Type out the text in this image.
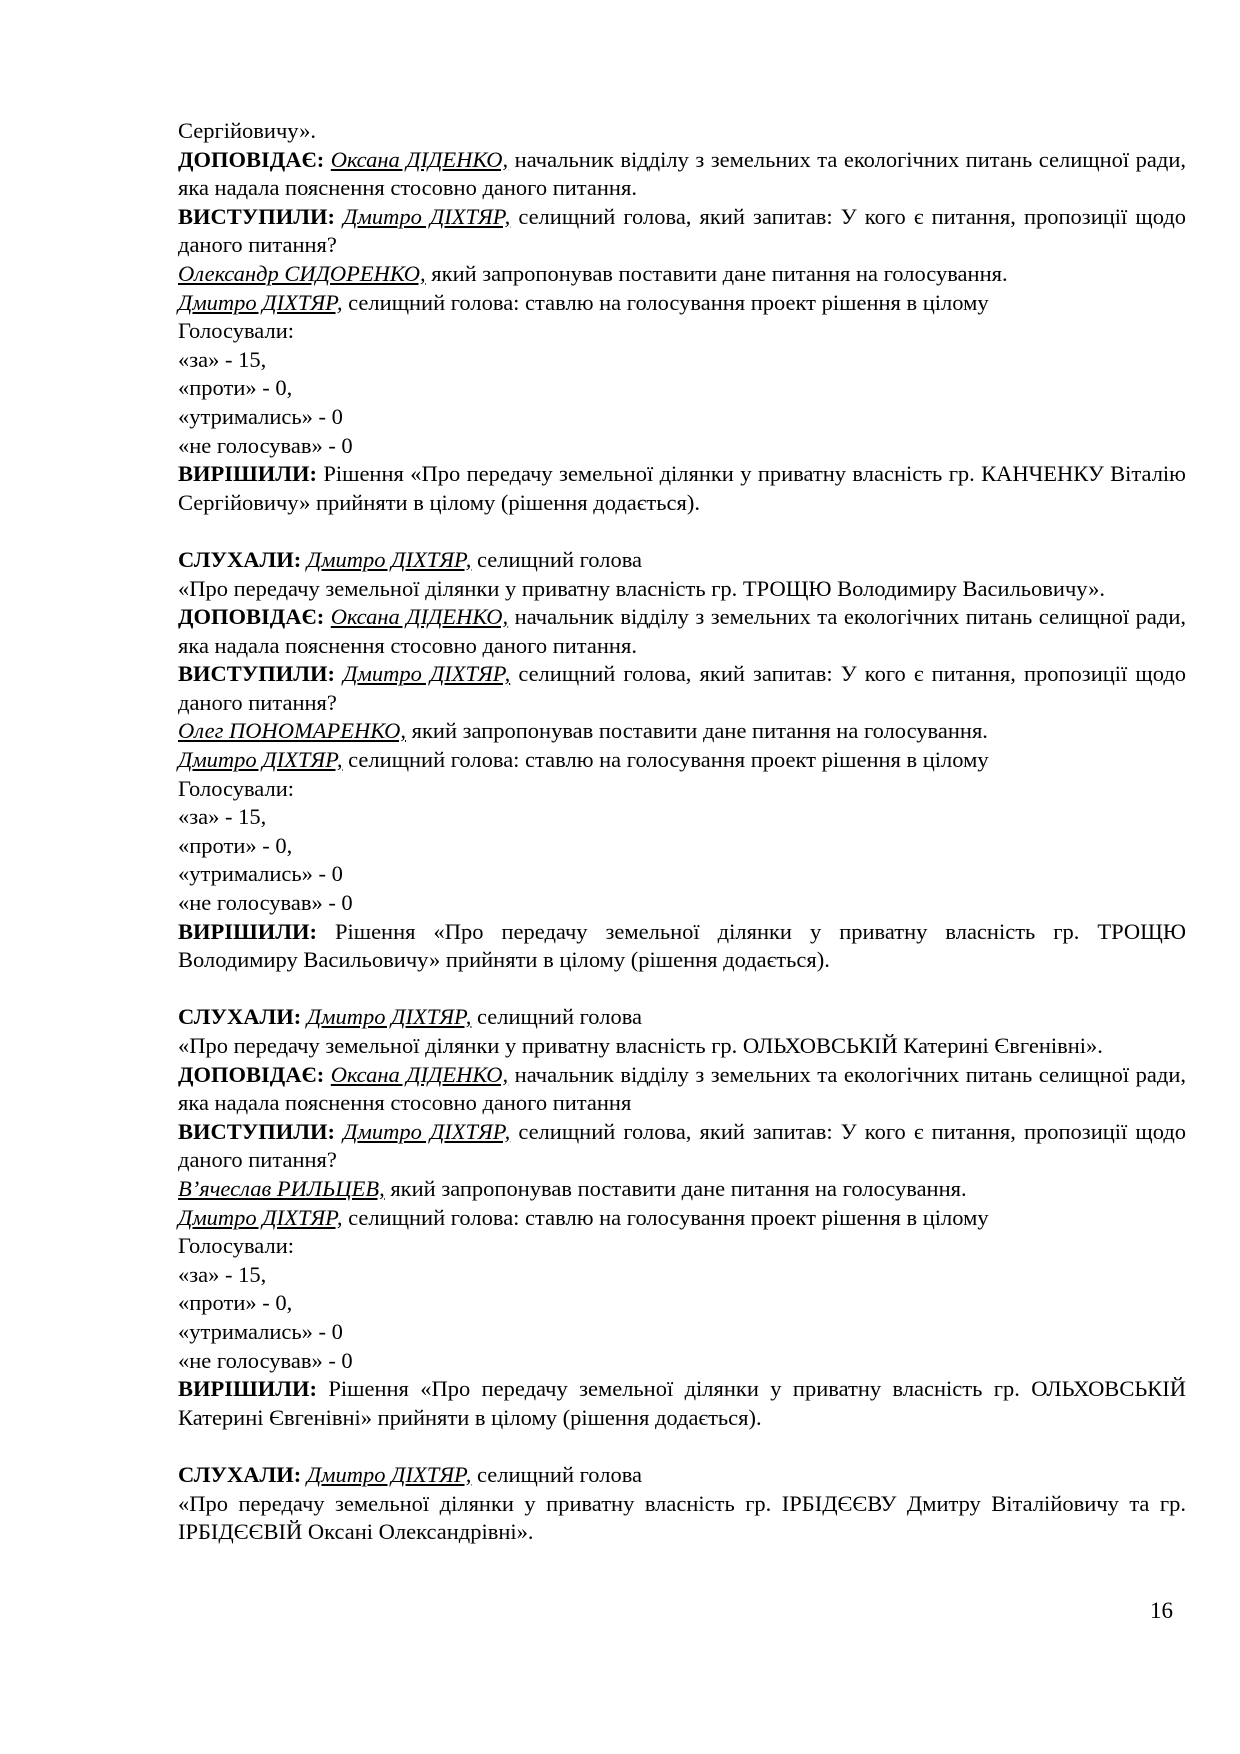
Сергійовичу».

ДОПОВІДАЄ: Оксана ДІДЕНКО, начальник відділу з земельних та екологічних питань селищної ради, яка надала пояснення стосовно даного питання.

ВИСТУПИЛИ: Дмитро ДІХТЯР, селищний голова, який запитав: У кого є питання, пропозиції щодо даного питання?

Олександр СИДОРЕНКО, який запропонував поставити дане питання на голосування.

Дмитро ДІХТЯР, селищний голова: ставлю на голосування проект рішення в цілому

Голосували:

«за» - 15,

«проти» - 0,

«утримались» - 0

«не голосував» - 0

ВИРІШИЛИ: Рішення «Про передачу земельної ділянки у приватну власність гр. КАНЧЕНКУ Віталію Сергійовичу» прийняти в цілому (рішення додається).

СЛУХАЛИ: Дмитро ДІХТЯР, селищний голова

«Про передачу земельної ділянки у приватну власність гр. ТРОЩЮ Володимиру Васильовичу».

ДОПОВІДАЄ: Оксана ДІДЕНКО, начальник відділу з земельних та екологічних питань селищної ради, яка надала пояснення стосовно даного питання.

ВИСТУПИЛИ: Дмитро ДІХТЯР, селищний голова, який запитав: У кого є питання, пропозиції щодо даного питання?

Олег ПОНОМАРЕНКО, який запропонував поставити дане питання на голосування.

Дмитро ДІХТЯР, селищний голова: ставлю на голосування проект рішення в цілому

Голосували:

«за» - 15,

«проти» - 0,

«утримались» - 0

«не голосував» - 0

ВИРІШИЛИ: Рішення «Про передачу земельної ділянки у приватну власність гр. ТРОЩЮ Володимиру Васильовичу» прийняти в цілому (рішення додається).

СЛУХАЛИ: Дмитро ДІХТЯР, селищний голова

«Про передачу земельної ділянки у приватну власність гр. ОЛЬХОВСЬКІЙ Катерині Євгенівні».

ДОПОВІДАЄ: Оксана ДІДЕНКО, начальник відділу з земельних та екологічних питань селищної ради, яка надала пояснення стосовно даного питання

ВИСТУПИЛИ: Дмитро ДІХТЯР, селищний голова, який запитав: У кого є питання, пропозиції щодо даного питання?

В’ячеслав РИЛЬЦЕВ, який запропонував поставити дане питання на голосування.

Дмитро ДІХТЯР, селищний голова: ставлю на голосування проект рішення в цілому

Голосували:

«за» - 15,

«проти» - 0,

«утримались» - 0

«не голосував» - 0

ВИРІШИЛИ: Рішення «Про передачу земельної ділянки у приватну власність гр. ОЛЬХОВСЬКІЙ Катерині Євгенівні» прийняти в цілому (рішення додається).

СЛУХАЛИ: Дмитро ДІХТЯР, селищний голова

«Про передачу земельної ділянки у приватну власність гр. ІРБІДЄЄВУ Дмитру Віталійовичу та гр. ІРБІДЄЄВІЙ Оксані Олександрівні».

16
